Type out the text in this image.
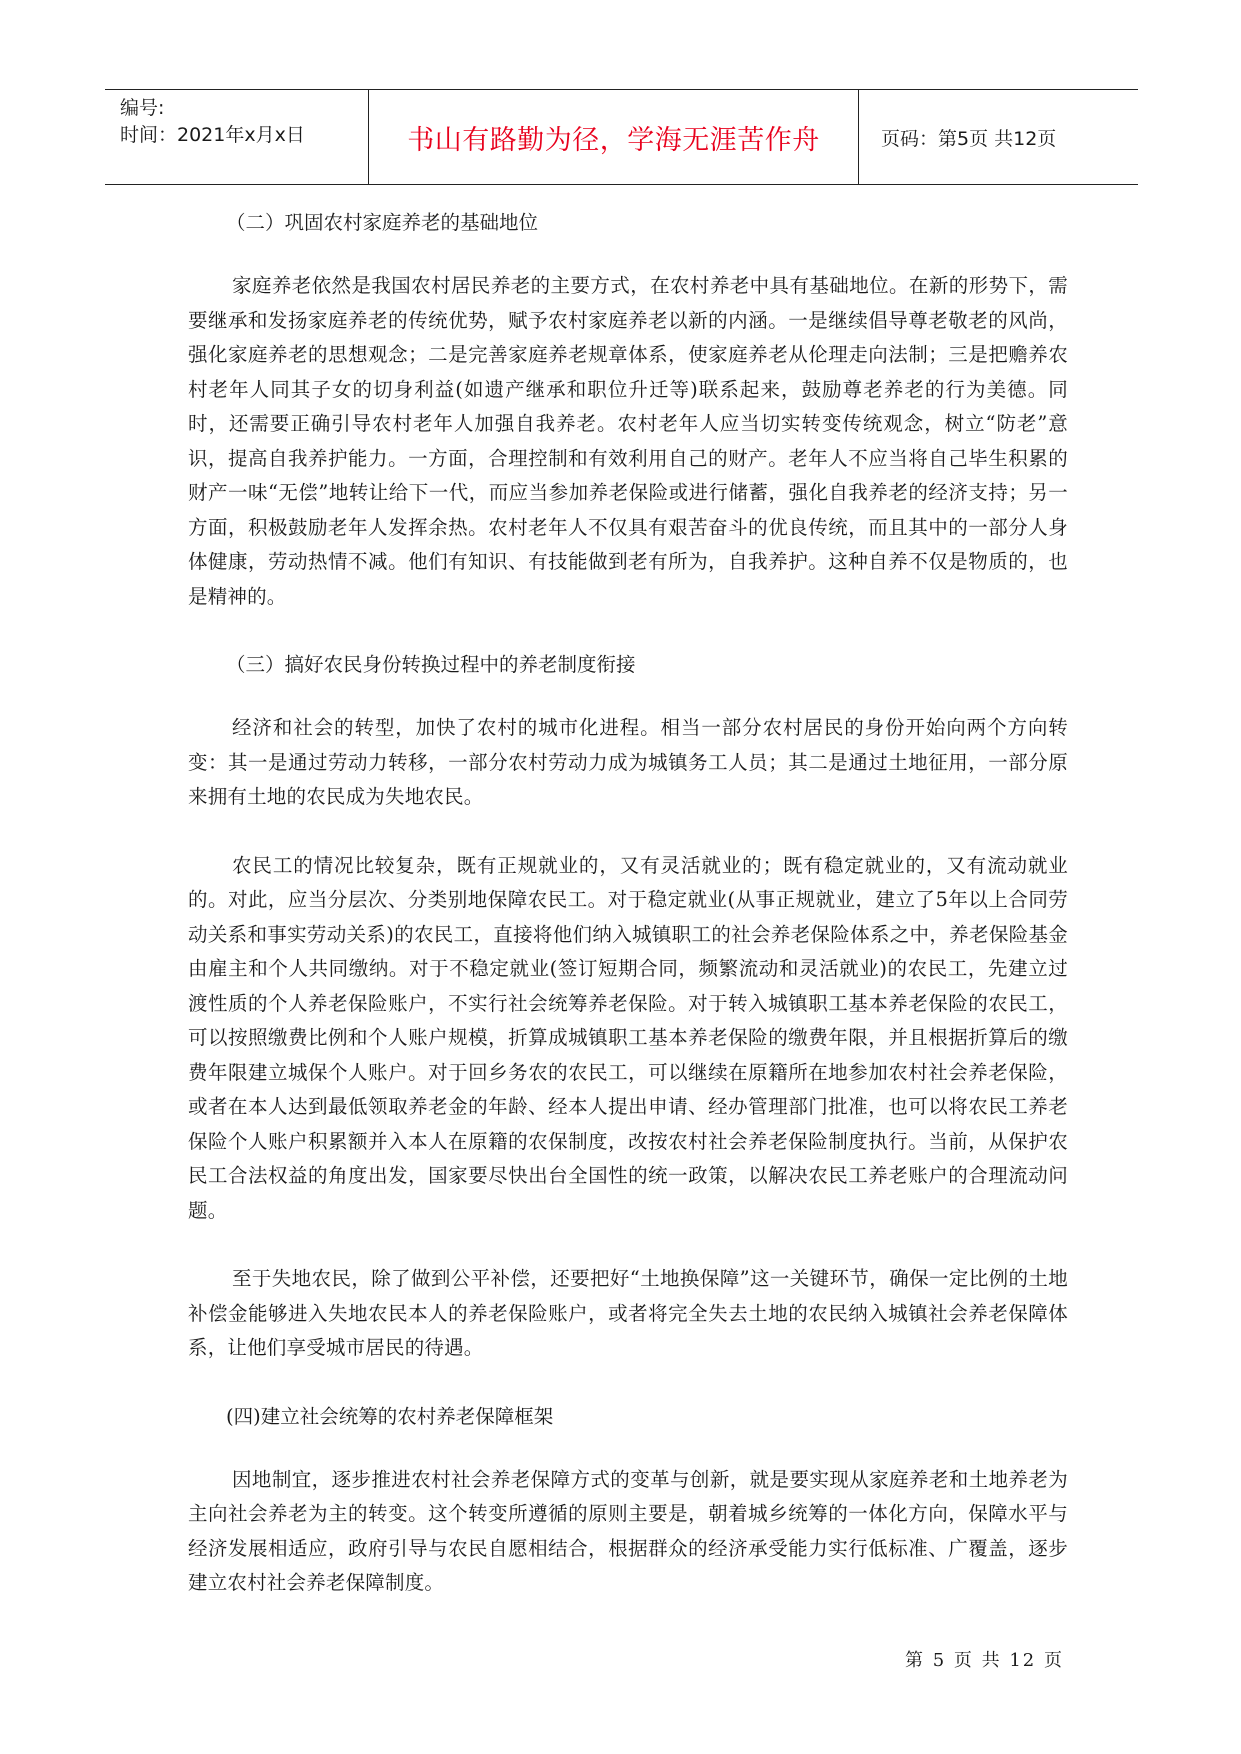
编号:
时间：2021年x月x日	书山有路勤为径，学海无涯苦作舟	页码：第5页 共12页

（二）巩固农村家庭养老的基础地位

家庭养老依然是我国农村居民养老的主要方式，在农村养老中具有基础地位。在新的形势下，需要继承和发扬家庭养老的传统优势，赋予农村家庭养老以新的内涵。一是继续倡导尊老敬老的风尚，强化家庭养老的思想观念；二是完善家庭养老规章体系，使家庭养老从伦理走向法制；三是把赡养农村老年人同其子女的切身利益(如遗产继承和职位升迁等)联系起来，鼓励尊老养老的行为美德。同时，还需要正确引导农村老年人加强自我养老。农村老年人应当切实转变传统观念，树立“防老”意识，提高自我养护能力。一方面，合理控制和有效利用自己的财产。老年人不应当将自己毕生积累的财产一味“无偿”地转让给下一代，而应当参加养老保险或进行储蓄，强化自我养老的经济支持；另一方面，积极鼓励老年人发挥余热。农村老年人不仅具有艰苦奋斗的优良传统，而且其中的一部分人身体健康，劳动热情不减。他们有知识、有技能做到老有所为，自我养护。这种自养不仅是物质的，也是精神的。

（三）搞好农民身份转换过程中的养老制度衔接

经济和社会的转型，加快了农村的城市化进程。相当一部分农村居民的身份开始向两个方向转变：其一是通过劳动力转移，一部分农村劳动力成为城镇务工人员；其二是通过土地征用，一部分原来拥有土地的农民成为失地农民。

农民工的情况比较复杂，既有正规就业的，又有灵活就业的；既有稳定就业的，又有流动就业的。对此，应当分层次、分类别地保障农民工。对于稳定就业(从事正规就业，建立了5年以上合同劳动关系和事实劳动关系)的农民工，直接将他们纳入城镇职工的社会养老保险体系之中，养老保险基金由雇主和个人共同缴纳。对于不稳定就业(签订短期合同，频繁流动和灵活就业)的农民工，先建立过渡性质的个人养老保险账户，不实行社会统筹养老保险。对于转入城镇职工基本养老保险的农民工，可以按照缴费比例和个人账户规模，折算成城镇职工基本养老保险的缴费年限，并且根据折算后的缴费年限建立城保个人账户。对于回乡务农的农民工，可以继续在原籍所在地参加农村社会养老保险，或者在本人达到最低领取养老金的年龄、经本人提出申请、经办管理部门批准，也可以将农民工养老保险个人账户积累额并入本人在原籍的农保制度，改按农村社会养老保险制度执行。当前，从保护农民工合法权益的角度出发，国家要尽快出台全国性的统一政策，以解决农民工养老账户的合理流动问题。

至于失地农民，除了做到公平补偿，还要把好“土地换保障”这一关键环节，确保一定比例的土地补偿金能够进入失地农民本人的养老保险账户，或者将完全失去土地的农民纳入城镇社会养老保障体系，让他们享受城市居民的待遇。

(四)建立社会统筹的农村养老保障框架

因地制宜，逐步推进农村社会养老保障方式的变革与创新，就是要实现从家庭养老和土地养老为主向社会养老为主的转变。这个转变所遵循的原则主要是，朝着城乡统筹的一体化方向，保障水平与经济发展相适应，政府引导与农民自愿相结合，根据群众的经济承受能力实行低标准、广覆盖，逐步建立农村社会养老保障制度。

第 5 页 共 12 页
